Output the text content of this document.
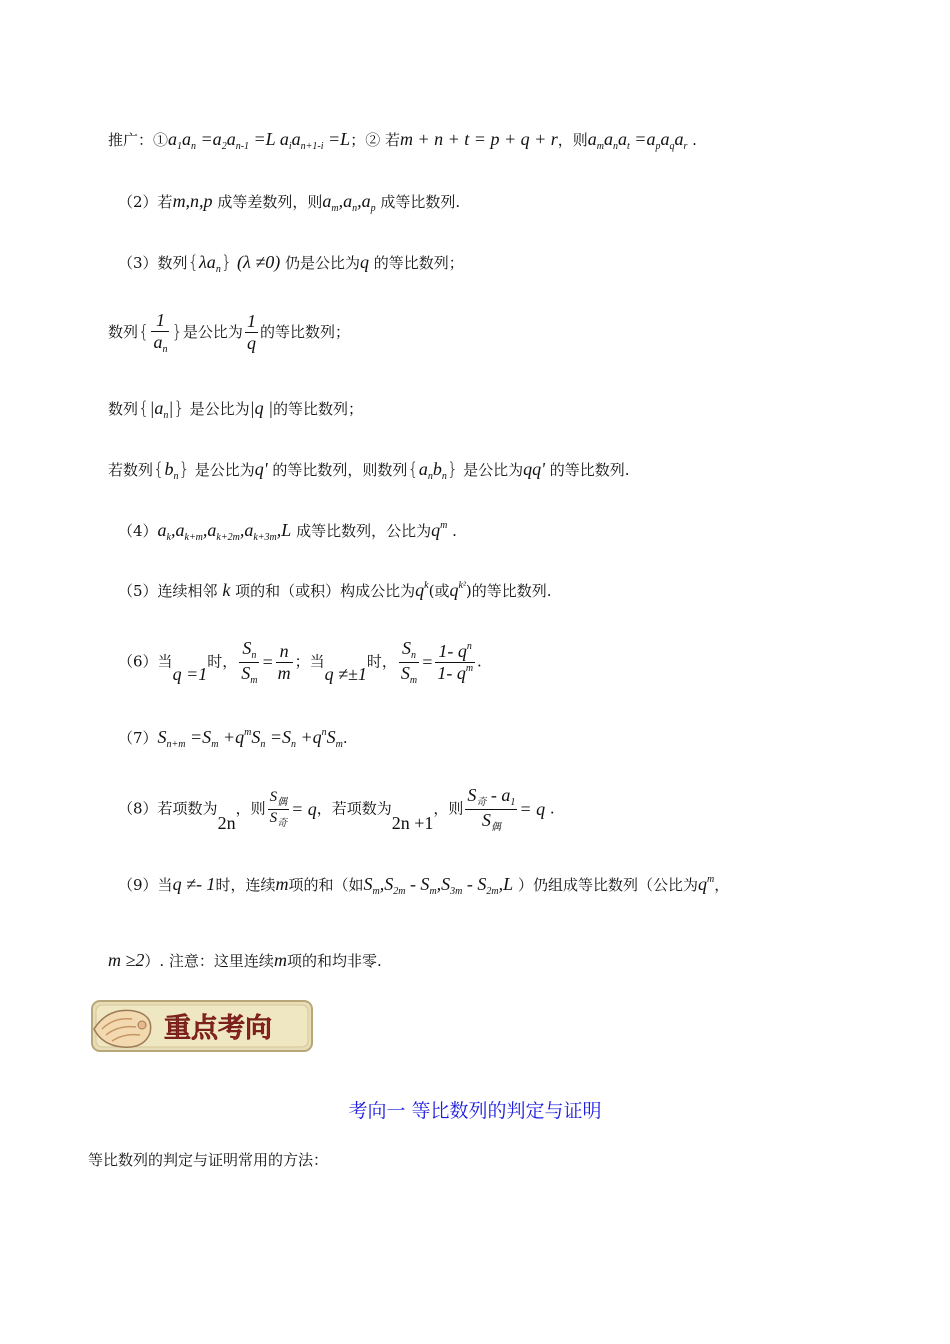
推广：$①a_1a_n =a_2a_{n-1} =L$ $a_ia_{n+1-i} =L$；② 若m + n + t = p + q + r，则$a_ma_na_t =a_pa_qa_r$ .
（2）若m,n,p 成等差数列，则$a_m,a_n,a_p$ 成等比数列.
（3）数列$\{\lambda a_n\}$ (λ ≠0) 仍是公比为q 的等比数列；
数列{ $\frac{1}{a_n}$ }是公比为 $\frac{1}{q}$ 的等比数列；
数列$\{|a_n|\}$ 是公比为|q |的等比数列；
若数列$\{b_n\}$ 是公比为q' 的等比数列，则数列$\{a_nb_n\}$ 是公比为qq' 的等比数列.
$(4)a_k,a_{k+m},a_{k+2m},a_{k+3m},L$ 成等比数列，公比为$q^m$ .
（5）连续相邻 k 项的和（或积）构成公比为$q^k$(或$q^{k^2}$)的等比数列.
（6）当q =1时， $\frac{S_n}{S_m} = \frac{n}{m}$ ；当q ≠±1时， $\frac{S_n}{S_m} = \frac{1- q^n}{1- q^m}$ .
$(7)S_{n+m} =S_m +q^mS_n =S_n +q^nS_m$.
（8）若项数为2n，则 $\frac{S_偶}{S_奇} = q$，若项数为2n +1，则 $\frac{S_奇 - a_1}{S_偶} = q$ .
（9）当q ≠- 1时，连续m项的和（如$S_m,S_{2m} - S_m,S_{3m} - S_{2m},L$ ）仍组成等比数列（公比为$q^m$，
m ≥2）. 注意：这里连续m项的和均非零.
重点考向
考向一 等比数列的判定与证明
等比数列的判定与证明常用的方法：
